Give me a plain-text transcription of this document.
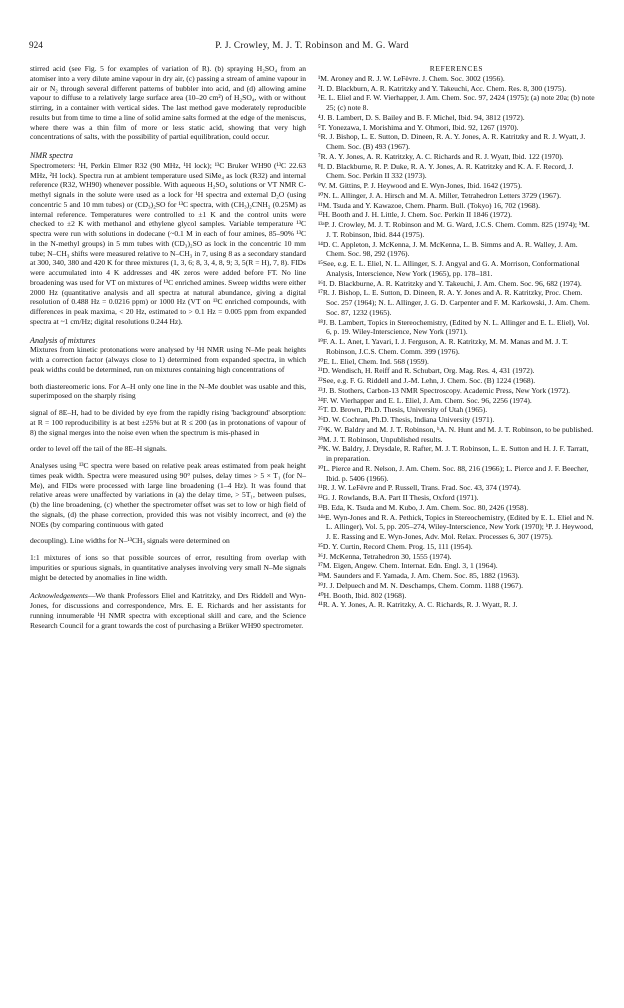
924	P. J. Crowley, M. J. T. Robinson and M. G. Ward

stirred acid (see Fig. 5 for examples of variation of R). (b) spraying H₂SO₄ from an atomiser into a very dilute amine vapour in dry air, (c) passing a stream of amine vapour in air or N₂ through several different patterns of bubbler into acid, and (d) allowing amine vapour to diffuse to a relatively large surface area (10–20 cm²) of H₂SO₄, with or without stirring, in a container with vertical sides. The last method gave moderately reproducible results but from time to time a line of solid amine salts formed at the edge of the meniscus, where there was a thin film of more or less static acid, showing that very high concentrations of salts, with the possibility of partial equilibration, could occur.

NMR spectra

Spectrometers: ¹H, Perkin Elmer R32 (90 MHz, ¹H lock); ¹³C Bruker WH90 (¹³C 22.63 MHz, ²H lock). Spectra run at ambient temperature used SiMe₄ as lock (R32) and internal reference (R32, WH90) whenever possible. With aqueous H₂SO₄ solutions or VT NMR C-methyl signals in the solute were used as a lock for ¹H spectra and external D₂O (using concentric 5 and 10 mm tubes) or (CD₃)₂SO for ¹³C spectra, with (CH₃)₂CNH₂ (0.25M) as internal reference. Temperatures were controlled to ±1 K and the control units were checked to ±2 K with methanol and ethylene glycol samples. Variable temperature ¹³C spectra were run with solutions in dodecane (~0.1 M in each of four amines, 85–90% ¹³C in the N-methyl groups) in 5 mm tubes with (CD₃)₂SO as lock in the concentric 10 mm tube; N–CH₃ shifts were measured relative to N–CH₃ in 7, using 8 as a secondary standard at 300, 340, 380 and 420 K for three mixtures (1, 3, 6; 8, 3, 4, 8, 9; 3, 5(R = H), 7, 8). FIDs were accumulated into 4 K addresses and 4K zeros were added before FT. No line broadening was used for VT on mixtures of ¹³C enriched amines. Sweep widths were either 2000 Hz (quantitative analysis and all spectra at natural abundance, giving a digital resolution of 0.488 Hz = 0.0216 ppm) or 1000 Hz (VT on ¹³C enriched compounds, with differences in peak maxima, < 20 Hz, estimated to > 0.1 Hz = 0.005 ppm from expanded spectra at ~1 cm/Hz; digital resolutions 0.244 Hz).

Analysis of mixtures

Mixtures from kinetic protonations were analysed by ¹H NMR using N–Me peak heights with a correction factor (always close to 1) determined from expanded spectra, in which peak widths could be determined, run on mixtures containing high concentrations of

both diastereomeric ions. For A–H only one line in the N–Me doublet was usable and this, superimposed on the sharply rising

signal of 8E–H, had to be divided by eye from the rapidly rising 'background' absorption: at R = 100 reproducibility is at best ±25% but at R ≤ 200 (as in protonations of vapour of 8) the signal merges into the noise even when the spectrum is mis-phased in

order to level off the tail of the 8E–H signals.

Analyses using ¹³C spectra were based on relative peak areas estimated from peak height times peak width. Spectra were measured using 90° pulses, delay times > 5 × T₁ (for N–Me), and FIDs were processed with large line broadening (1–4 Hz). It was found that relative areas were unaffected by variations in (a) the delay time, > 5T₁, between pulses, (b) the line broadening, (c) whether the spectrometer offset was set to low or high field of the signals, (d) the phase correction, provided this was not visibly incorrect, and (e) the NOEs (by comparing continuous with gated

decoupling). Line widths for N–¹³CH₃ signals were determined on

1:1 mixtures of ions so that possible sources of error, resulting from overlap with impurities or spurious signals, in quantitative analyses involving very small N–Me signals might be detected by anomalies in line width.

Acknowledgements—We thank Professors Eliel and Katritzky, and Drs Riddell and Wyn-Jones, for discussions and correspondence, Mrs. E. E. Richards and her assistants for running innumerable ¹H NMR spectra with exceptional skill and care, and the Science Research Council for a grant towards the cost of purchasing a Brüker WH90 spectrometer.

REFERENCES

¹M. Aroney and R. J. W. LeFèvre. J. Chem. Soc. 3002 (1956).

²I. D. Blackburn, A. R. Katritzky and Y. Takeuchi, Acc. Chem. Res. 8, 300 (1975).

³E. L. Eliel and F. W. Vierhapper, J. Am. Chem. Soc. 97, 2424 (1975); (a) note 20a; (b) note 25; (c) note 8.

⁴J. B. Lambert, D. S. Bailey and B. F. Michel, Ibid. 94, 3812 (1972).

⁵T. Yonezawa, I. Morishima and Y. Ohmori, Ibid. 92, 1267 (1970).

⁶R. J. Bishop, L. E. Sutton, D. Dineen, R. A. Y. Jones, A. R. Katritzky and R. J. Wyatt, J. Chem. Soc. (B) 493 (1967).

⁷R. A. Y. Jones, A. R. Katritzky, A. C. Richards and R. J. Wyatt, Ibid. 122 (1970).

⁸I. D. Blackburne, R. P. Duke, R. A. Y. Jones, A. R. Katritzky and K. A. F. Record, J. Chem. Soc. Perkin II 332 (1973).

⁹V. M. Gittins, P. J. Heywood and E. Wyn-Jones, Ibid. 1642 (1975).

¹⁰N. L. Allinger, J. A. Hirsch and M. A. Miller, Tetrahedron Letters 3729 (1967).

¹¹M. Tsuda and Y. Kawazoe, Chem. Pharm. Bull. (Tokyo) 16, 702 (1968).

¹²H. Booth and J. H. Little, J. Chem. Soc. Perkin II 1846 (1972).

¹³ᵃP. J. Crowley, M. J. T. Robinson and M. G. Ward, J.C.S. Chem. Comm. 825 (1974); ᵇM. J. T. Robinson, Ibid. 844 (1975).

¹⁴D. C. Appleton, J. McKenna, J. M. McKenna, L. B. Simms and A. R. Walley, J. Am. Chem. Soc. 98, 292 (1976).

¹⁵See, e.g. E. L. Eliel, N. L. Allinger, S. J. Angyal and G. A. Morrison, Conformational Analysis, Interscience, New York (1965), pp. 178–181.

¹⁶I. D. Blackburne, A. R. Katritzky and Y. Takeuchi, J. Am. Chem. Soc. 96, 682 (1974).

¹⁷R. J. Bishop, L. E. Sutton, D. Dineen, R. A. Y. Jones and A. R. Katritzky, Proc. Chem. Soc. 257 (1964); N. L. Allinger, J. G. D. Carpenter and F. M. Karkowski, J. Am. Chem. Soc. 87, 1232 (1965).

¹⁸J. B. Lambert, Topics in Stereochemistry, (Edited by N. L. Allinger and E. L. Eliel), Vol. 6, p. 19. Wiley-Interscience, New York (1971).

¹⁹F. A. L. Anet, I. Yavari, I. J. Ferguson, A. R. Katritzky, M. M. Manas and M. J. T. Robinson, J.C.S. Chem. Comm. 399 (1976).

²⁰E. L. Eliel, Chem. Ind. 568 (1959).

²¹D. Wendisch, H. Reiff and R. Schubart, Org. Mag. Res. 4, 431 (1972).

²²See, e.g. F. G. Riddell and J.-M. Lehn, J. Chem. Soc. (B) 1224 (1968).

²³J. B. Stothers, Carbon-13 NMR Spectroscopy. Academic Press, New York (1972).

²⁴F. W. Vierhapper and E. L. Eliel, J. Am. Chem. Soc. 96, 2256 (1974).

²⁵T. D. Brown, Ph.D. Thesis, University of Utah (1965).

²⁶D. W. Cochran, Ph.D. Thesis, Indiana University (1971).

²⁷ᵃK. W. Baldry and M. J. T. Robinson, ᵇA. N. Hunt and M. J. T. Robinson, to be published.

²⁸M. J. T. Robinson, Unpublished results.

²⁹K. W. Baldry, J. Drysdale, R. Rafter, M. J. T. Robinson, L. E. Sutton and H. J. F. Tarratt, in preparation.

³⁰L. Pierce and R. Nelson, J. Am. Chem. Soc. 88, 216 (1966); L. Pierce and J. F. Beecher, Ibid. p. 5406 (1966).

³¹R. J. W. LeFèvre and P. Russell, Trans. Frad. Soc. 43, 374 (1974).

³²G. J. Rowlands, B.A. Part II Thesis, Oxford (1971).

³³B. Eda, K. Tsuda and M. Kubo, J. Am. Chem. Soc. 80, 2426 (1958).

³⁴ᵃE. Wyn-Jones and R. A. Pethick, Topics in Stereochemistry, (Edited by E. L. Eliel and N. L. Allinger), Vol. 5, pp. 205–274, Wiley-Interscience, New York (1970); ᵇP. J. Heywood, J. E. Rassing and E. Wyn-Jones, Adv. Mol. Relax. Processes 6, 307 (1975).

³⁵D. Y. Curtin, Record Chem. Prog. 15, 111 (1954).

³⁶J. McKenna, Tetrahedron 30, 1555 (1974).

³⁷M. Eigen, Angew. Chem. Internat. Edn. Engl. 3, 1 (1964).

³⁸M. Saunders and F. Yamada, J. Am. Chem. Soc. 85, 1882 (1963).

³⁹J. J. Delpuech and M. N. Deschamps, Chem. Comm. 1188 (1967).

⁴⁰H. Booth, Ibid. 802 (1968).

⁴¹R. A. Y. Jones, A. R. Katritzky, A. C. Richards, R. J. Wyatt, R. J.
